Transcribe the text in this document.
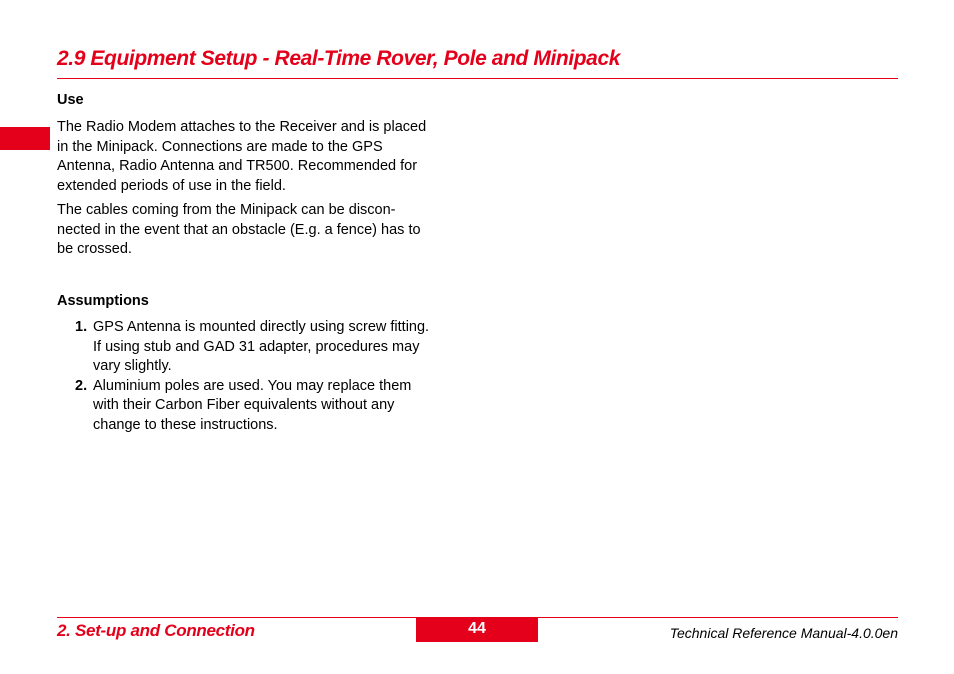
2.9 Equipment Setup - Real-Time Rover, Pole and Minipack
Use

The Radio Modem attaches to the Receiver and is placed
in the Minipack. Connections are made to the GPS
Antenna, Radio Antenna and TR500. Recommended for
extended periods of use in the field.

The cables coming from the Minipack can be discon-
nected in the event that an obstacle (E.g. a fence) has to
be crossed.

Assumptions
1. GPS Antenna is mounted directly using screw fitting.
If using stub and GAD 31 adapter, procedures may
vary slightly.
2. Aluminium poles are used. You may replace them
with their Carbon Fiber equivalents without any
change to these instructions.
2. Set-up and Connection	44	Technical Reference Manual-4.0.0en
